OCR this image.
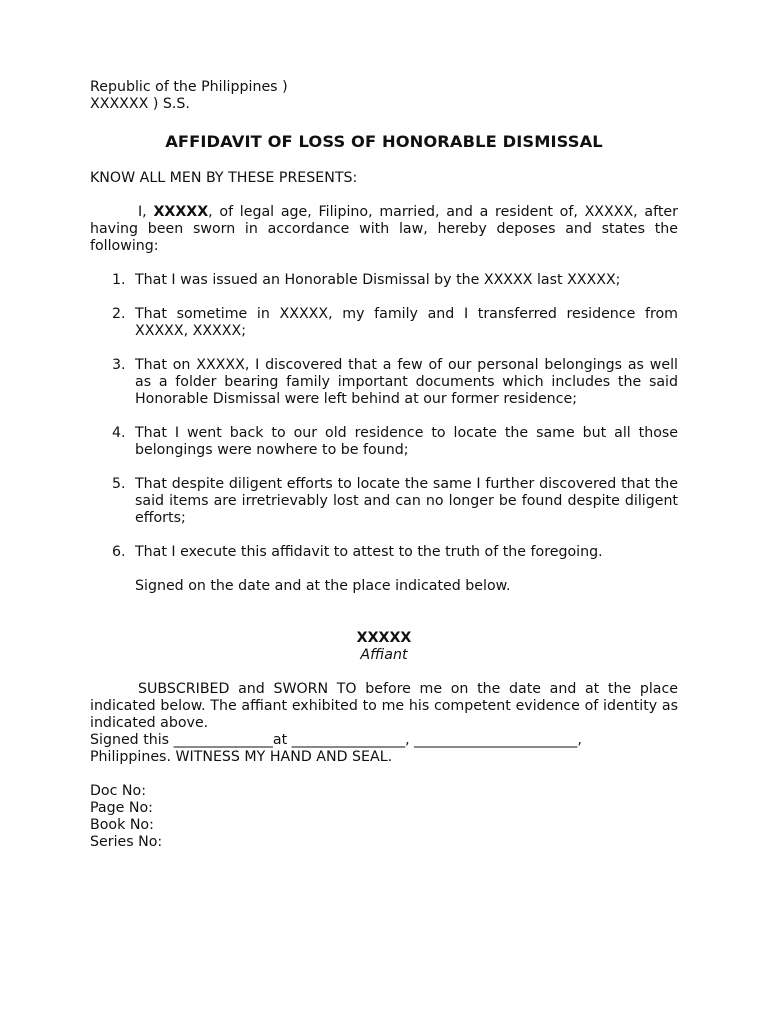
Republic of the Philippines )

XXXXXX ) S.S.

AFFIDAVIT OF LOSS OF HONORABLE DISMISSAL

KNOW ALL MEN BY THESE PRESENTS:

I, XXXXX, of legal age, Filipino, married, and a resident of, XXXXX, after having been sworn in accordance with law, hereby deposes and states the following:

1. That I was issued an Honorable Dismissal by the XXXXX last XXXXX;
2. That sometime in XXXXX, my family and I transferred residence from XXXXX, XXXXX;
3. That on XXXXX, I discovered that a few of our personal belongings as well as a folder bearing family important documents which includes the said Honorable Dismissal were left behind at our former residence;
4. That I went back to our old residence to locate the same but all those belongings were nowhere to be found;
5. That despite diligent efforts to locate the same I further discovered that the said items are irretrievably lost and can no longer be found despite diligent efforts;
6. That I execute this affidavit to attest to the truth of the foregoing.

Signed on the date and at the place indicated below.

XXXXX

Affiant

SUBSCRIBED and SWORN TO before me on the date and at the place indicated below. The affiant exhibited to me his competent evidence of identity as indicated above.

Signed this ______________at ________________, _______________________,

Philippines. WITNESS MY HAND AND SEAL.

Doc No:

Page No:

Book No:

Series No:
